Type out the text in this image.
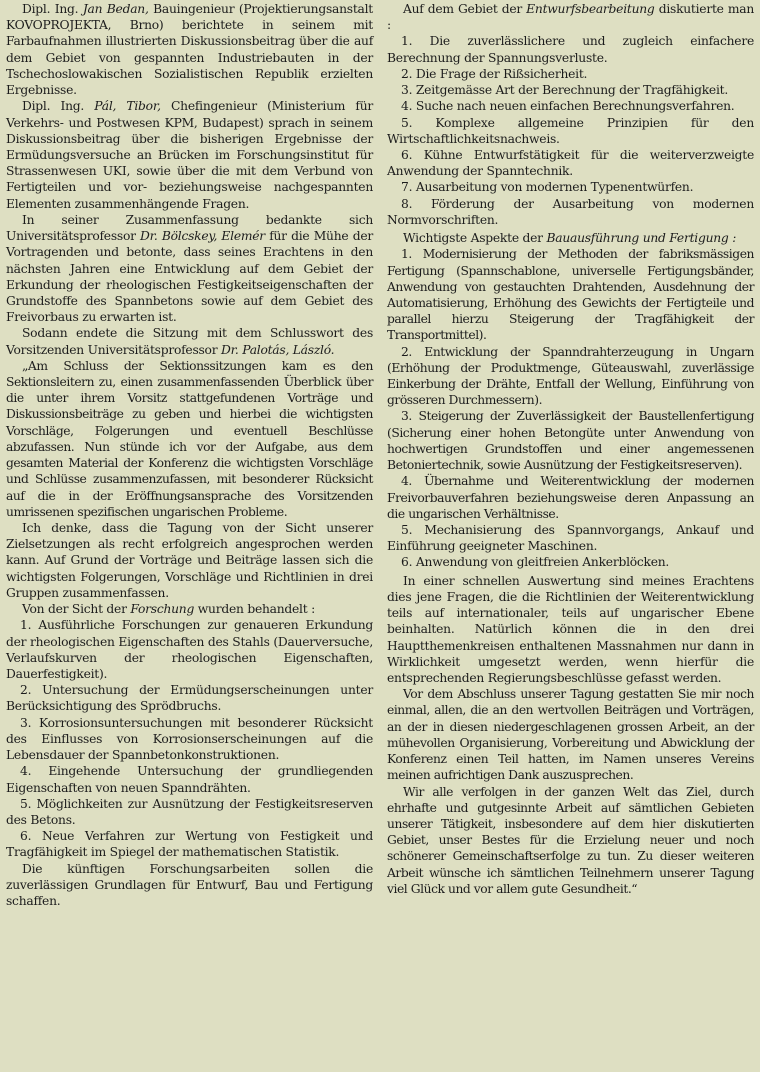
Dipl. Ing. Jan Bedan, Bauingenieur (Projektierungsanstalt KOVOPROJEKTA, Brno) berichtete in seinem mit Farbaufnahmen illustrierten Diskussionsbeitrag über die auf dem Gebiet von gespannten Industriebauten in der Tschechoslowakischen Sozialistischen Republik erzielten Ergebnisse.

Dipl. Ing. Pál, Tibor, Chefingenieur (Ministerium für Verkehrs- und Postwesen KPM, Budapest) sprach in seinem Diskussionsbeitrag über die bisherigen Ergebnisse der Ermüdungsversuche an Brücken im Forschungsinstitut für Strassenwesen UKI, sowie über die mit dem Verbund von Fertigteilen und vor- beziehungsweise nachgespannten Elementen zusammenhängende Fragen.

In seiner Zusammenfassung bedankte sich Universitätsprofessor Dr. Bölcskey, Elemér für die Mühe der Vortragenden und betonte, dass seines Erachtens in den nächsten Jahren eine Entwicklung auf dem Gebiet der Erkundung der rheologischen Festigkeitseigenschaften der Grundstoffe des Spannbetons sowie auf dem Gebiet des Freivorbaus zu erwarten ist.

Sodann endete die Sitzung mit dem Schlusswort des Vorsitzenden Universitätsprofessor Dr. Palotás, László.

„Am Schluss der Sektionssitzungen kam es den Sektionsleitern zu, einen zusammenfassenden Überblick über die unter ihrem Vorsitz stattgefundenen Vorträge und Diskussionsbeiträge zu geben und hierbei die wichtigsten Vorschläge, Folgerungen und eventuell Beschlüsse abzufassen. Nun stünde ich vor der Aufgabe, aus dem gesamten Material der Konferenz die wichtigsten Vorschläge und Schlüsse zusammenzufassen, mit besonderer Rücksicht auf die in der Eröffnungsansprache des Vorsitzenden umrissenen spezifischen ungarischen Probleme.

Ich denke, dass die Tagung von der Sicht unserer Zielsetzungen als recht erfolgreich angesprochen werden kann. Auf Grund der Vorträge und Beiträge lassen sich die wichtigsten Folgerungen, Vorschläge und Richtlinien in drei Gruppen zusammenfassen.

Von der Sicht der Forschung wurden behandelt :

1. Ausführliche Forschungen zur genaueren Erkundung der rheologischen Eigenschaften des Stahls (Dauerversuche, Verlaufskurven der rheologischen Eigenschaften, Dauerfestigkeit).

2. Untersuchung der Ermüdungserscheinungen unter Berücksichtigung des Sprödbruchs.

3. Korrosionsuntersuchungen mit besonderer Rücksicht des Einflusses von Korrosionserscheinungen auf die Lebensdauer der Spannbetonkonstruktionen.

4. Eingehende Untersuchung der grundliegenden Eigenschaften von neuen Spanndrähten.

5. Möglichkeiten zur Ausnützung der Festigkeitsreserven des Betons.

6. Neue Verfahren zur Wertung von Festigkeit und Tragfähigkeit im Spiegel der mathematischen Statistik.

Die künftigen Forschungsarbeiten sollen die zuverlässigen Grundlagen für Entwurf, Bau und Fertigung schaffen.

Auf dem Gebiet der Entwurfsbearbeitung diskutierte man :

1. Die zuverlässlichere und zugleich einfachere Berechnung der Spannungsverluste.

2. Die Frage der Rißsicherheit.

3. Zeitgemässe Art der Berechnung der Tragfähigkeit.

4. Suche nach neuen einfachen Berechnungsverfahren.

5. Komplexe allgemeine Prinzipien für den Wirtschaftlichkeitsnachweis.

6. Kühne Entwurfstätigkeit für die weiterverzweigte Anwendung der Spanntechnik.

7. Ausarbeitung von modernen Typenentwürfen.

8. Förderung der Ausarbeitung von modernen Normvorschriften.

Wichtigste Aspekte der Bauausführung und Fertigung :

1. Modernisierung der Methoden der fabriksmässigen Fertigung (Spannschablone, universelle Fertigungsbänder, Anwendung von gestauchten Drahtenden, Ausdehnung der Automatisierung, Erhöhung des Gewichts der Fertigteile und parallel hierzu Steigerung der Tragfähigkeit der Transportmittel).

2. Entwicklung der Spanndrahterzeugung in Ungarn (Erhöhung der Produktmenge, Güteauswahl, zuverlässige Einkerbung der Drähte, Entfall der Wellung, Einführung von grösseren Durchmessern).

3. Steigerung der Zuverlässigkeit der Baustellenfertigung (Sicherung einer hohen Betongüte unter Anwendung von hochwertigen Grundstoffen und einer angemessenen Betoniertechnik, sowie Ausnützung der Festigkeitsreserven).

4. Übernahme und Weiterentwicklung der modernen Freivorbauverfahren beziehungsweise deren Anpassung an die ungarischen Verhältnisse.

5. Mechanisierung des Spannvorgangs, Ankauf und Einführung geeigneter Maschinen.

6. Anwendung von gleitfreien Ankerblöcken.

In einer schnellen Auswertung sind meines Erachtens dies jene Fragen, die die Richtlinien der Weiterentwicklung teils auf internationaler, teils auf ungarischer Ebene beinhalten. Natürlich können die in den drei Hauptthemenkreisen enthaltenen Massnahmen nur dann in Wirklichkeit umgesetzt werden, wenn hierfür die entsprechenden Regierungsbeschlüsse gefasst werden.

Vor dem Abschluss unserer Tagung gestatten Sie mir noch einmal, allen, die an den wertvollen Beiträgen und Vorträgen, an der in diesen niedergeschlagenen grossen Arbeit, an der mühevollen Organisierung, Vorbereitung und Abwicklung der Konferenz einen Teil hatten, im Namen unseres Vereins meinen aufrichtigen Dank auszusprechen.

Wir alle verfolgen in der ganzen Welt das Ziel, durch ehrhafte und gutgesinnte Arbeit auf sämtlichen Gebieten unserer Tätigkeit, insbesondere auf dem hier diskutierten Gebiet, unser Bestes für die Erzielung neuer und noch schönerer Gemeinschaftserfolge zu tun. Zu dieser weiteren Arbeit wünsche ich sämtlichen Teilnehmern unserer Tagung viel Glück und vor allem gute Gesundheit.“
